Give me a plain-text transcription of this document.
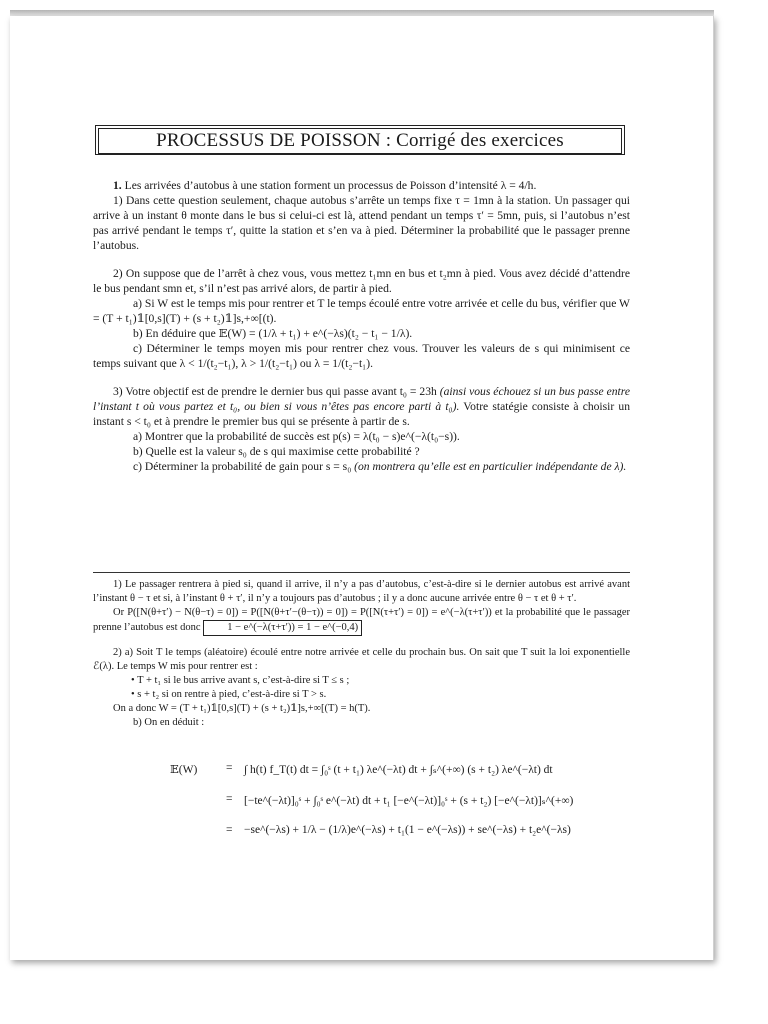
PROCESSUS DE POISSON : Corrigé des exercices

1. Les arrivées d’autobus à une station forment un processus de Poisson d’intensité λ = 4/h.

1) Dans cette question seulement, chaque autobus s’arrête un temps fixe τ = 1mn à la station. Un passager qui arrive à un instant θ monte dans le bus si celui-ci est là, attend pendant un temps τ′ = 5mn, puis, si l’autobus n’est pas arrivé pendant le temps τ′, quitte la station et s’en va à pied. Déterminer la probabilité que le passager prenne l’autobus.

2) On suppose que de l’arrêt à chez vous, vous mettez t₁mn en bus et t₂mn à pied. Vous avez décidé d’attendre le bus pendant smn et, s’il n’est pas arrivé alors, de partir à pied.

a) Si W est le temps mis pour rentrer et T le temps écoulé entre votre arrivée et celle du bus, vérifier que W = (T + t₁)𝟙[0,s](T) + (s + t₂)𝟙]s,+∞[(t).

b) En déduire que 𝔼(W) = (1/λ + t₁) + e^(−λs)(t₂ − t₁ − 1/λ).

c) Déterminer le temps moyen mis pour rentrer chez vous. Trouver les valeurs de s qui minimisent ce temps suivant que λ < 1/(t₂−t₁), λ > 1/(t₂−t₁) ou λ = 1/(t₂−t₁).

3) Votre objectif est de prendre le dernier bus qui passe avant t₀ = 23h (ainsi vous échouez si un bus passe entre l’instant t où vous partez et t₀, ou bien si vous n’êtes pas encore parti à t₀). Votre statégie consiste à choisir un instant s < t₀ et à prendre le premier bus qui se présente à partir de s.

a) Montrer que la probabilité de succès est p(s) = λ(t₀ − s)e^(−λ(t₀−s)).

b) Quelle est la valeur s₀ de s qui maximise cette probabilité ?

c) Déterminer la probabilité de gain pour s = s₀ (on montrera qu’elle est en particulier indépendante de λ).

1) Le passager rentrera à pied si, quand il arrive, il n’y a pas d’autobus, c’est-à-dire si le dernier autobus est arrivé avant l’instant θ − τ et si, à l’instant θ + τ′, il n’y a toujours pas d’autobus ; il y a donc aucune arrivée entre θ − τ et θ + τ′.

Or P([N(θ+τ′) − N(θ−τ) = 0]) = P([N(θ+τ′−(θ−τ)) = 0]) = P([N(τ+τ′) = 0]) = e^(−λ(τ+τ′)) et la probabilité que le passager prenne l’autobus est donc	1 − e^(−λ(τ+τ′)) = 1 − e^(−0,4)

2) a) Soit T le temps (aléatoire) écoulé entre notre arrivée et celle du prochain bus. On sait que T suit la loi exponentielle ℰ(λ). Le temps W mis pour rentrer est :

• T + t₁ si le bus arrive avant s, c’est-à-dire si T ≤ s ;

• s + t₂ si on rentre à pied, c’est-à-dire si T > s.

On a donc W = (T + t₁)𝟙[0,s](T) + (s + t₂)𝟙]s,+∞[(T) = h(T).

b) On en déduit :

𝔼(W) = ∫ h(t) f_T(t) dt = ∫₀ˢ (t + t₁) λe^(−λt) dt + ∫ₛ^(+∞) (s + t₂) λe^(−λt) dt
= [−te^(−λt)]₀ˢ + ∫₀ˢ e^(−λt) dt + t₁ [−e^(−λt)]₀ˢ + (s + t₂) [−e^(−λt)]ₛ^(+∞)
= −se^(−λs) + 1/λ − (1/λ)e^(−λs) + t₁(1 − e^(−λs)) + se^(−λs) + t₂e^(−λs)
